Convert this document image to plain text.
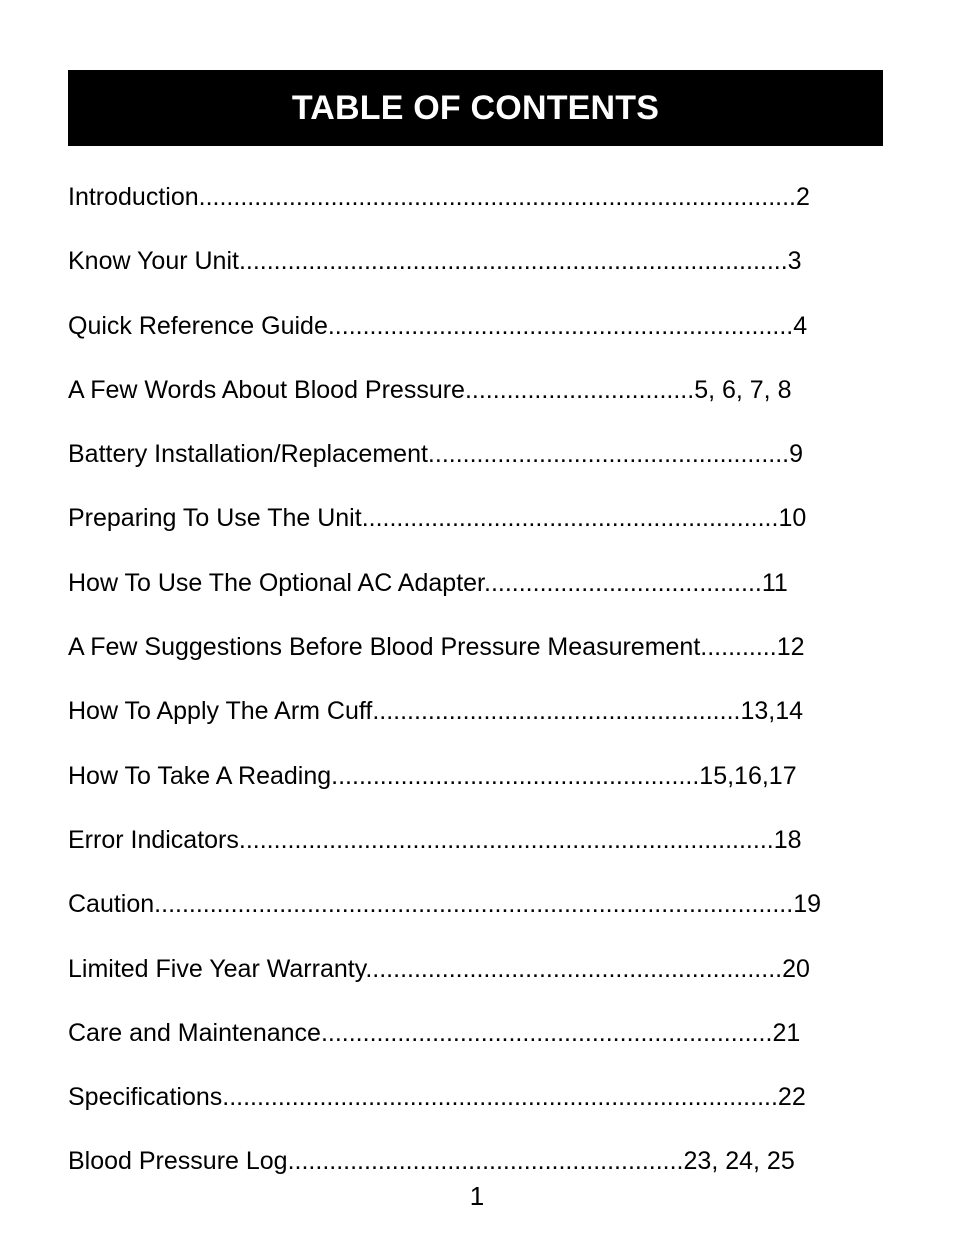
TABLE OF CONTENTS
Introduction......................................................................................2
Know Your Unit...............................................................................3
Quick Reference Guide...................................................................4
A Few Words About Blood Pressure.................................5, 6, 7, 8
Battery Installation/Replacement....................................................9
Preparing To Use The Unit............................................................10
How To Use The Optional AC Adapter........................................11
A Few Suggestions Before Blood Pressure Measurement...........12
How To Apply The Arm Cuff.....................................................13,14
How To Take A Reading.....................................................15,16,17
Error Indicators.............................................................................18
Caution............................................................................................19
Limited Five Year Warranty............................................................20
Care and Maintenance.................................................................21
Specifications................................................................................22
Blood Pressure Log.........................................................23, 24, 25
1
